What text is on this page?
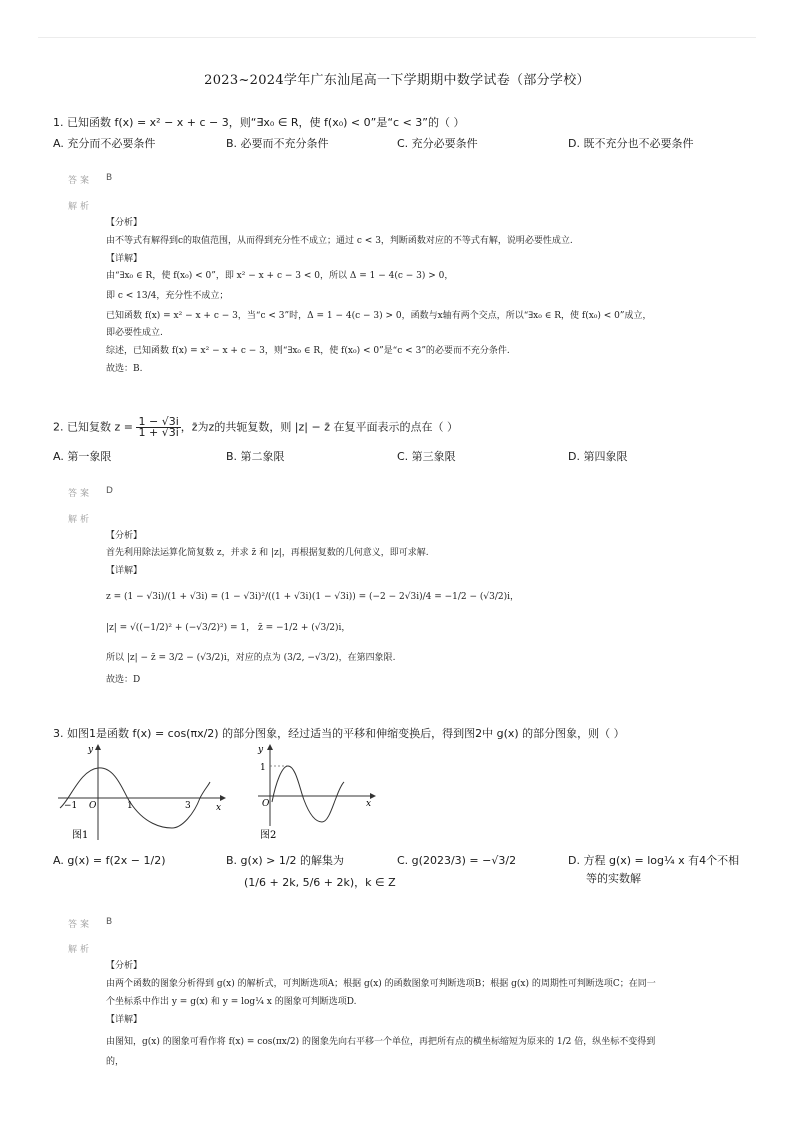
2023~2024学年广东汕尾高一下学期期中数学试卷（部分学校）
1. 已知函数 f(x) = x² − x + c − 3，则“∃x₀ ∈ R，使 f(x₀) < 0”是“c < 3”的（ ）
A. 充分而不必要条件	B. 必要而不充分条件	C. 充分必要条件	D. 既不充分也不必要条件
答案 B
解析
【分析】
由不等式有解得到c的取值范围，从而得到充分性不成立；通过 c < 3，判断函数对应的不等式有解，说明必要性成立.
【详解】
由“∃x₀ ∈ R，使 f(x₀) < 0”，即 x² − x + c − 3 < 0，所以 Δ = 1 − 4(c − 3) > 0，
即 c < 13/4，充分性不成立；
已知函数 f(x) = x² − x + c − 3，当“c < 3”时，Δ = 1 − 4(c − 3) > 0，函数与x轴有两个交点，所以“∃x₀ ∈ R，使 f(x₀) < 0”成立，
即必要性成立.
综述，已知函数 f(x) = x² − x + c − 3，则“∃x₀ ∈ R，使 f(x₀) < 0”是“c < 3”的必要而不充分条件.
故选：B.
2. 已知复数 $z = \frac{1 - √3i}{1 + √3i}$ ，z̄为z的共轭复数，则 |z| − z̄ 在复平面表示的点在（ ）
A. 第一象限	B. 第二象限	C. 第三象限	D. 第四象限
答案 D
解析
【分析】
首先利用除法运算化简复数 z，并求 z̄ 和 |z|，再根据复数的几何意义，即可求解.
【详解】
z = (1 − √3i)/(1 + √3i) = (1 − √3i)²/((1 + √3i)(1 − √3i)) = (−2 − 2√3i)/4 = −1/2 − (√3/2)i，
|z| = √((−1/2)² + (−√3/2)²) = 1， z̄ = −1/2 + (√3/2)i，
所以 |z| − z̄ = 3/2 − (√3/2)i，对应的点为 (3/2, −√3/2)，在第四象限.
故选：D
3. 如图1是函数 f(x) = cos(πx/2) 的部分图象，经过适当的平移和伸缩变换后，得到图2中 g(x) 的部分图象，则（ ）
y
x
O
−1	1	3
图1
y
1
x
O
图2
A. g(x) = f(2x − 1/2)	B. g(x) > 1/2 的解集为
(1/6 + 2k, 5/6 + 2k)，k ∈ Z
C. g(2023/3) = −√3/2	D. 方程 g(x) = log¼ x 有4个不相
等的实数解
答案 B
解析
【分析】
由两个函数的图象分析得到 g(x) 的解析式，可判断选项A；根据 g(x) 的函数图象可判断选项B；根据 g(x) 的周期性可判断选项C；在同一
个坐标系中作出 y = g(x) 和 y = log¼ x 的图象可判断选项D.
【详解】
由图知，g(x) 的图象可看作将 f(x) = cos(πx/2) 的图象先向右平移一个单位，再把所有点的横坐标缩短为原来的 1/2 倍，纵坐标不变得到
的，
